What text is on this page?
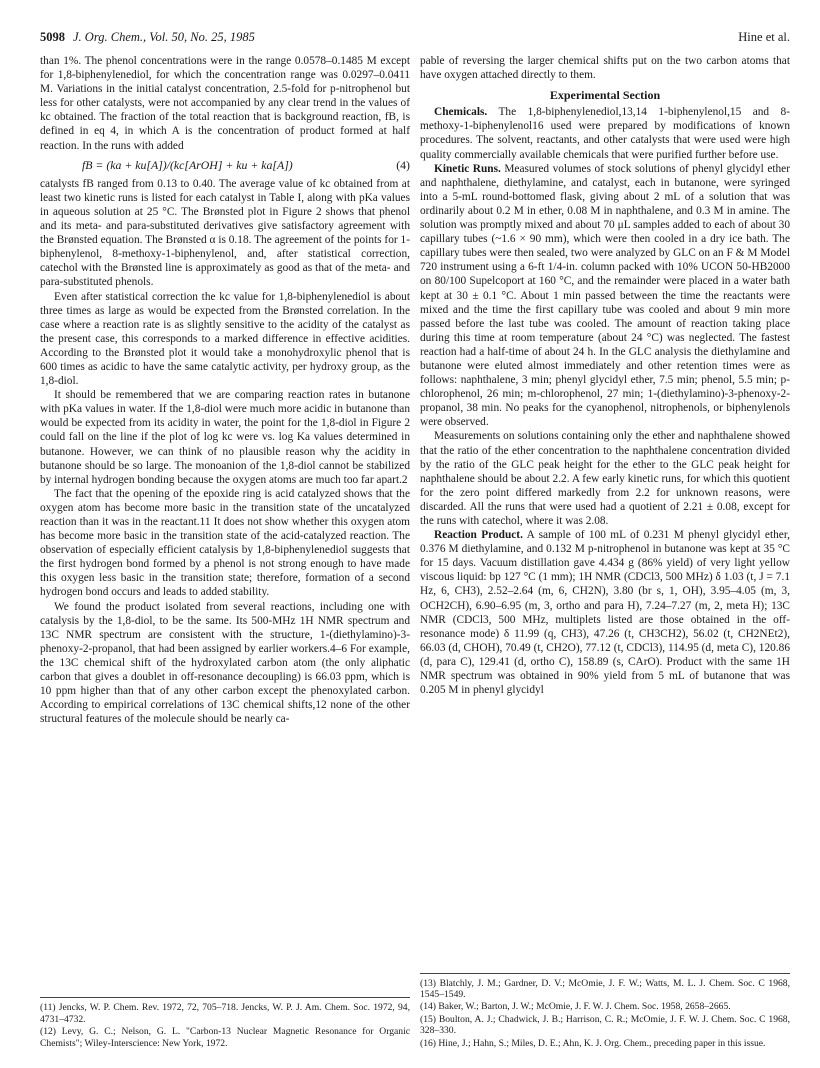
5098 J. Org. Chem., Vol. 50, No. 25, 1985	Hine et al.

than 1%. The phenol concentrations were in the range 0.0578–0.1485 M except for 1,8-biphenylenediol, for which the concentration range was 0.0297–0.0411 M. Variations in the initial catalyst concentration, 2.5-fold for p-nitrophenol but less for other catalysts, were not accompanied by any clear trend in the values of kc obtained. The fraction of the total reaction that is background reaction, fB, is defined in eq 4, in which A is the concentration of product formed at half reaction. In the runs with added

fB = (ka + ku[A])/(kc[ArOH] + ku + ka[A])	(4)

catalysts fB ranged from 0.13 to 0.40. The average value of kc obtained from at least two kinetic runs is listed for each catalyst in Table I, along with pKa values in aqueous solution at 25 °C. The Brønsted plot in Figure 2 shows that phenol and its meta- and para-substituted derivatives give satisfactory agreement with the Brønsted equation. The Brønsted α is 0.18. The agreement of the points for 1-biphenylenol, 8-methoxy-1-biphenylenol, and, after statistical correction, catechol with the Brønsted line is approximately as good as that of the meta- and para-substituted phenols.

Even after statistical correction the kc value for 1,8-biphenylenediol is about three times as large as would be expected from the Brønsted correlation. In the case where a reaction rate is as slightly sensitive to the acidity of the catalyst as the present case, this corresponds to a marked difference in effective acidities. According to the Brønsted plot it would take a monohydroxylic phenol that is 600 times as acidic to have the same catalytic activity, per hydroxy group, as the 1,8-diol.

It should be remembered that we are comparing reaction rates in butanone with pKa values in water. If the 1,8-diol were much more acidic in butanone than would be expected from its acidity in water, the point for the 1,8-diol in Figure 2 could fall on the line if the plot of log kc were vs. log Ka values determined in butanone. However, we can think of no plausible reason why the acidity in butanone should be so large. The monoanion of the 1,8-diol cannot be stabilized by internal hydrogen bonding because the oxygen atoms are much too far apart.2

The fact that the opening of the epoxide ring is acid catalyzed shows that the oxygen atom has become more basic in the transition state of the uncatalyzed reaction than it was in the reactant.11 It does not show whether this oxygen atom has become more basic in the transition state of the acid-catalyzed reaction. The observation of especially efficient catalysis by 1,8-biphenylenediol suggests that the first hydrogen bond formed by a phenol is not strong enough to have made this oxygen less basic in the transition state; therefore, formation of a second hydrogen bond occurs and leads to added stability.

We found the product isolated from several reactions, including one with catalysis by the 1,8-diol, to be the same. Its 500-MHz 1H NMR spectrum and 13C NMR spectrum are consistent with the structure, 1-(diethylamino)-3-phenoxy-2-propanol, that had been assigned by earlier workers.4–6 For example, the 13C chemical shift of the hydroxylated carbon atom (the only aliphatic carbon that gives a doublet in off-resonance decoupling) is 66.03 ppm, which is 10 ppm higher than that of any other carbon except the phenoxylated carbon. According to empirical correlations of 13C chemical shifts,12 none of the other structural features of the molecule should be nearly ca-

(11) Jencks, W. P. Chem. Rev. 1972, 72, 705–718. Jencks, W. P. J. Am. Chem. Soc. 1972, 94, 4731–4732.

(12) Levy, G. C.; Nelson, G. L. "Carbon-13 Nuclear Magnetic Resonance for Organic Chemists"; Wiley-Interscience: New York, 1972.

pable of reversing the larger chemical shifts put on the two carbon atoms that have oxygen attached directly to them.

Experimental Section

Chemicals. The 1,8-biphenylenediol,13,14 1-biphenylenol,15 and 8-methoxy-1-biphenylenol16 used were prepared by modifications of known procedures. The solvent, reactants, and other catalysts that were used were high quality commercially available chemicals that were purified further before use.

Kinetic Runs. Measured volumes of stock solutions of phenyl glycidyl ether and naphthalene, diethylamine, and catalyst, each in butanone, were syringed into a 5-mL round-bottomed flask, giving about 2 mL of a solution that was ordinarily about 0.2 M in ether, 0.08 M in naphthalene, and 0.3 M in amine. The solution was promptly mixed and about 70 μL samples added to each of about 30 capillary tubes (~1.6 × 90 mm), which were then cooled in a dry ice bath. The capillary tubes were then sealed, two were analyzed by GLC on an F & M Model 720 instrument using a 6-ft 1/4-in. column packed with 10% UCON 50-HB2000 on 80/100 Supelcoport at 160 °C, and the remainder were placed in a water bath kept at 30 ± 0.1 °C. About 1 min passed between the time the reactants were mixed and the time the first capillary tube was cooled and about 9 min more passed before the last tube was cooled. The amount of reaction taking place during this time at room temperature (about 24 °C) was neglected. The fastest reaction had a half-time of about 24 h. In the GLC analysis the diethylamine and butanone were eluted almost immediately and other retention times were as follows: naphthalene, 3 min; phenyl glycidyl ether, 7.5 min; phenol, 5.5 min; p-chlorophenol, 26 min; m-chlorophenol, 27 min; 1-(diethylamino)-3-phenoxy-2-propanol, 38 min. No peaks for the cyanophenol, nitrophenols, or biphenylenols were observed.

Measurements on solutions containing only the ether and naphthalene showed that the ratio of the ether concentration to the naphthalene concentration divided by the ratio of the GLC peak height for the ether to the GLC peak height for naphthalene should be about 2.2. A few early kinetic runs, for which this quotient for the zero point differed markedly from 2.2 for unknown reasons, were discarded. All the runs that were used had a quotient of 2.21 ± 0.08, except for the runs with catechol, where it was 2.08.

Reaction Product. A sample of 100 mL of 0.231 M phenyl glycidyl ether, 0.376 M diethylamine, and 0.132 M p-nitrophenol in butanone was kept at 35 °C for 15 days. Vacuum distillation gave 4.434 g (86% yield) of very light yellow viscous liquid: bp 127 °C (1 mm); 1H NMR (CDCl3, 500 MHz) δ 1.03 (t, J = 7.1 Hz, 6, CH3), 2.52–2.64 (m, 6, CH2N), 3.80 (br s, 1, OH), 3.95–4.05 (m, 3, OCH2CH), 6.90–6.95 (m, 3, ortho and para H), 7.24–7.27 (m, 2, meta H); 13C NMR (CDCl3, 500 MHz, multiplets listed are those obtained in the off-resonance mode) δ 11.99 (q, CH3), 47.26 (t, CH3CH2), 56.02 (t, CH2NEt2), 66.03 (d, CHOH), 70.49 (t, CH2O), 77.12 (t, CDCl3), 114.95 (d, meta C), 120.86 (d, para C), 129.41 (d, ortho C), 158.89 (s, CArO). Product with the same 1H NMR spectrum was obtained in 90% yield from 5 mL of butanone that was 0.205 M in phenyl glycidyl

(13) Blatchly, J. M.; Gardner, D. V.; McOmie, J. F. W.; Watts, M. L. J. Chem. Soc. C 1968, 1545–1549.

(14) Baker, W.; Barton, J. W.; McOmie, J. F. W. J. Chem. Soc. 1958, 2658–2665.

(15) Boulton, A. J.; Chadwick, J. B.; Harrison, C. R.; McOmie, J. F. W. J. Chem. Soc. C 1968, 328–330.

(16) Hine, J.; Hahn, S.; Miles, D. E.; Ahn, K. J. Org. Chem., preceding paper in this issue.
